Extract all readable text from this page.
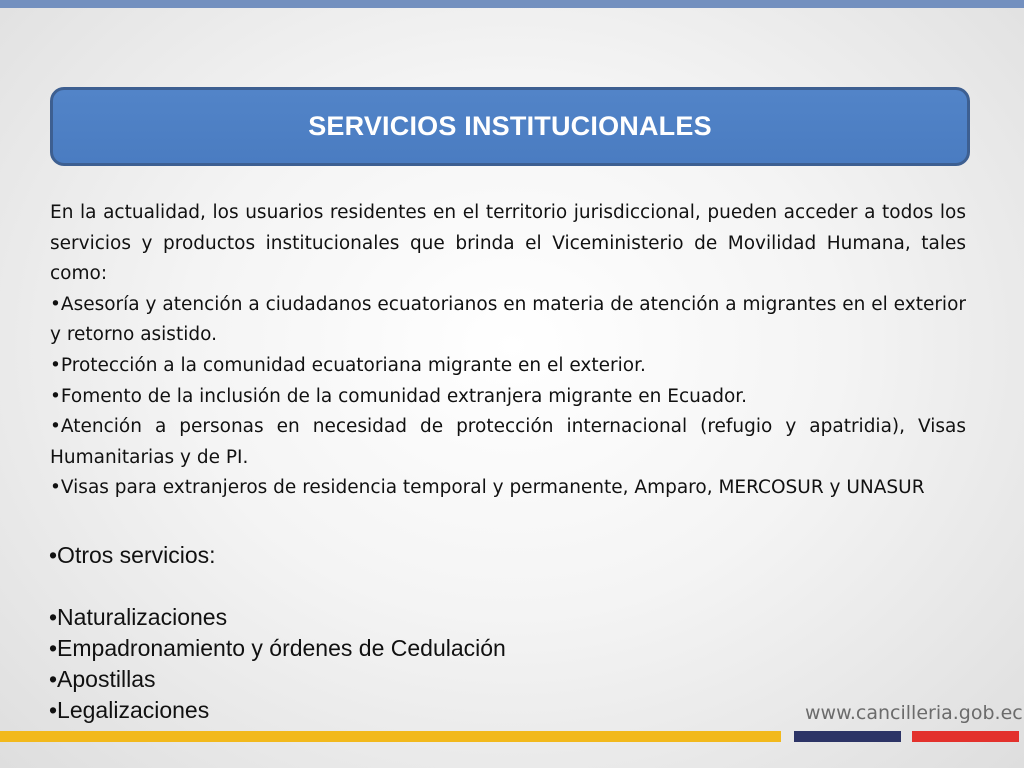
SERVICIOS INSTITUCIONALES

En la actualidad, los usuarios residentes en el territorio jurisdiccional, pueden acceder a todos los servicios y productos institucionales que brinda el Viceministerio de Movilidad Humana, tales como:

•Asesoría y atención a ciudadanos ecuatorianos en materia de atención a migrantes en el exterior y retorno asistido.

•Protección a la comunidad ecuatoriana migrante en el exterior.

•Fomento de la inclusión de la comunidad extranjera migrante en Ecuador.

•Atención a personas en necesidad de protección internacional (refugio y apatridia), Visas Humanitarias y de PI.

•Visas para extranjeros de residencia temporal y permanente, Amparo, MERCOSUR y UNASUR

•Otros servicios:

•Naturalizaciones

•Empadronamiento y órdenes de Cedulación

•Apostillas

•Legalizaciones	www.cancilleria.gob.ec
